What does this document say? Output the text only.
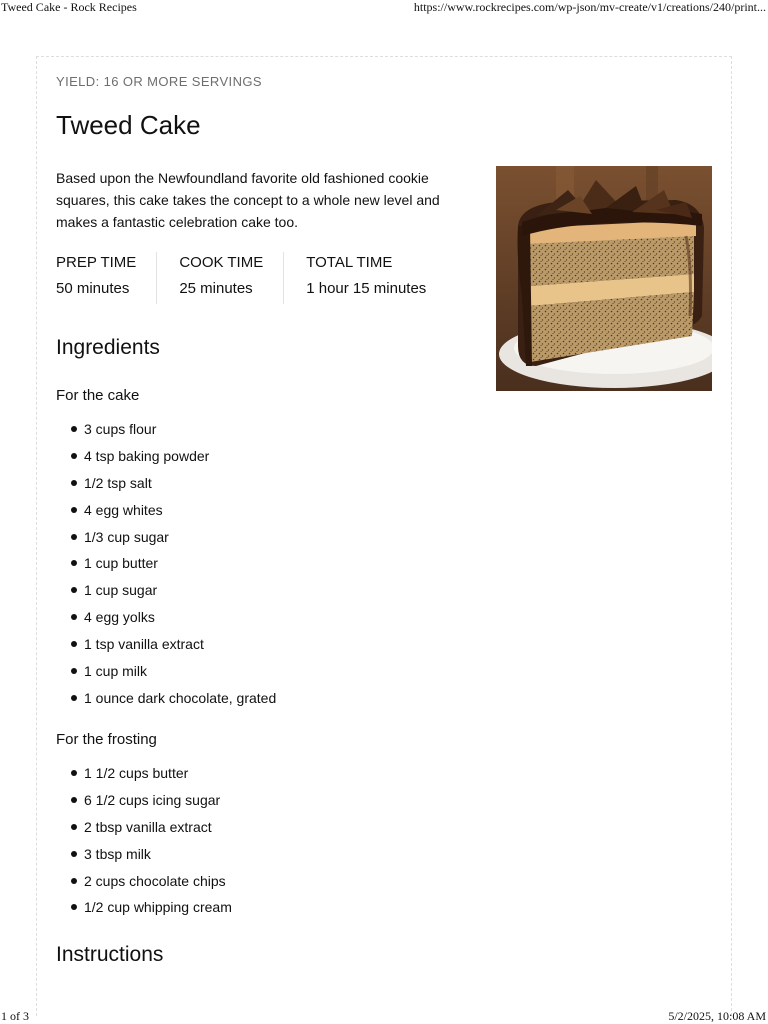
Tweed Cake - Rock Recipes	https://www.rockrecipes.com/wp-json/mv-create/v1/creations/240/print...
YIELD: 16 OR MORE SERVINGS
Tweed Cake

Based upon the Newfoundland favorite old fashioned cookie squares, this cake takes the concept to a whole new level and makes a fantastic celebration cake too.

PREP TIME
50 minutes
COOK TIME
25 minutes
TOTAL TIME
1 hour 15 minutes
Ingredients
For the cake
3 cups flour
4 tsp baking powder
1/2 tsp salt
4 egg whites
1/3 cup sugar
1 cup butter
1 cup sugar
4 egg yolks
1 tsp vanilla extract
1 cup milk
1 ounce dark chocolate, grated
For the frosting
1 1/2 cups butter
6 1/2 cups icing sugar
2 tbsp vanilla extract
3 tbsp milk
2 cups chocolate chips
1/2 cup whipping cream
Instructions
1 of 3	5/2/2025, 10:08 AM
